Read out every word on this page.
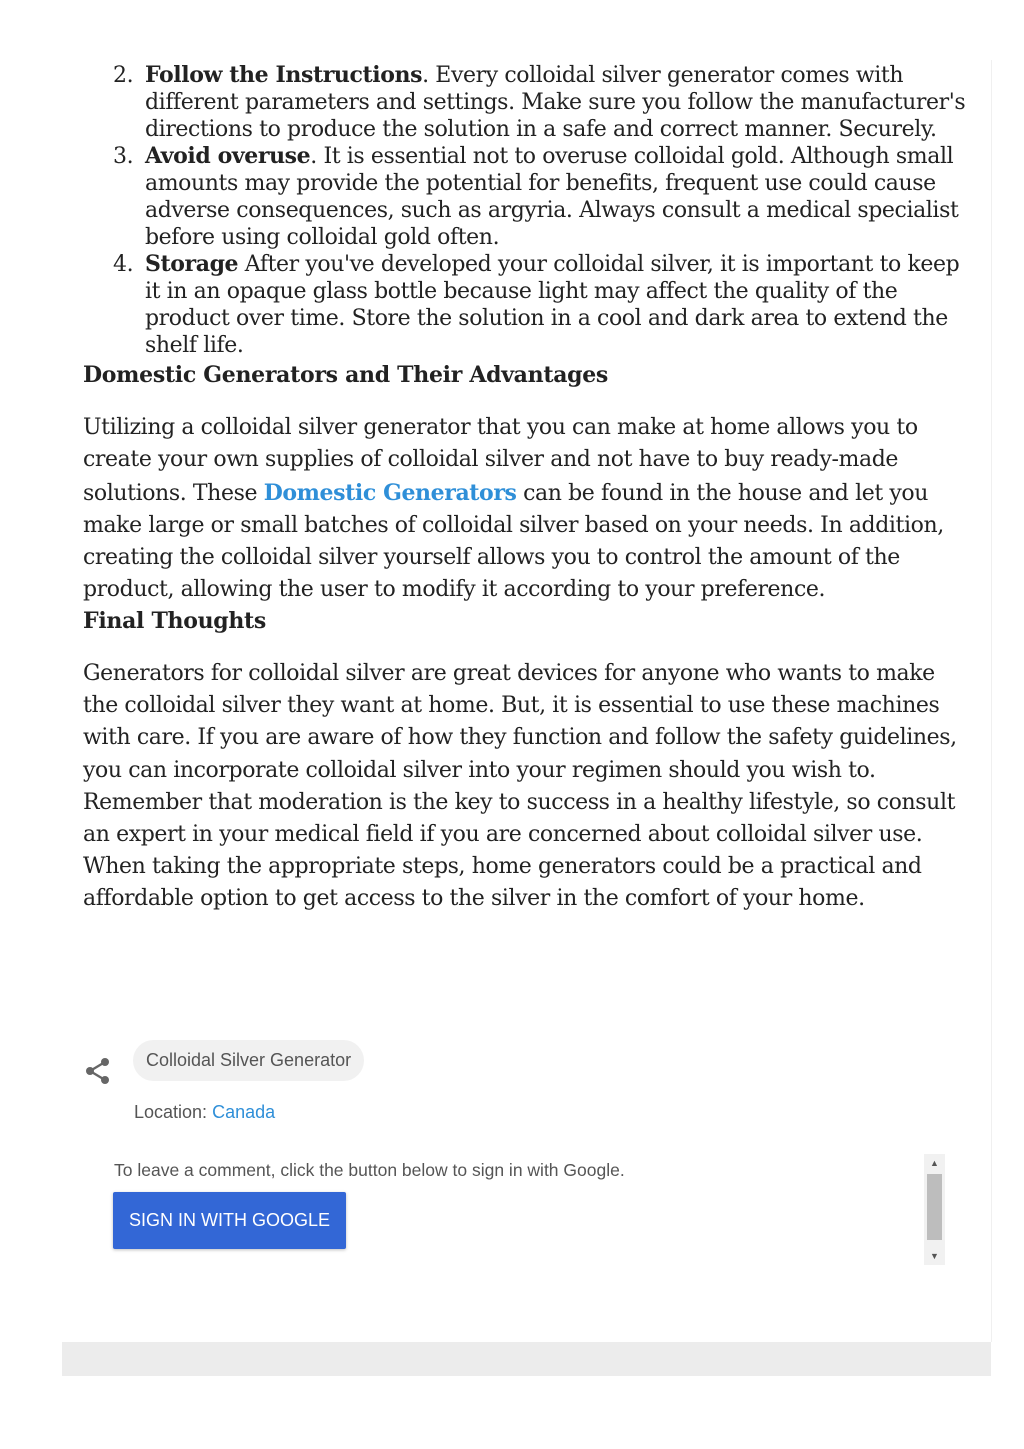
2. Follow the Instructions. Every colloidal silver generator comes with different parameters and settings. Make sure you follow the manufacturer's directions to produce the solution in a safe and correct manner. Securely.
3. Avoid overuse. It is essential not to overuse colloidal gold. Although small amounts may provide the potential for benefits, frequent use could cause adverse consequences, such as argyria. Always consult a medical specialist before using colloidal gold often.
4. Storage After you've developed your colloidal silver, it is important to keep it in an opaque glass bottle because light may affect the quality of the product over time. Store the solution in a cool and dark area to extend the shelf life.
Domestic Generators and Their Advantages

Utilizing a colloidal silver generator that you can make at home allows you to create your own supplies of colloidal silver and not have to buy ready-made solutions. These Domestic Generators can be found in the house and let you make large or small batches of colloidal silver based on your needs. In addition, creating the colloidal silver yourself allows you to control the amount of the product, allowing the user to modify it according to your preference.

Final Thoughts

Generators for colloidal silver are great devices for anyone who wants to make the colloidal silver they want at home. But, it is essential to use these machines with care. If you are aware of how they function and follow the safety guidelines, you can incorporate colloidal silver into your regimen should you wish to. Remember that moderation is the key to success in a healthy lifestyle, so consult an expert in your medical field if you are concerned about colloidal silver use. When taking the appropriate steps, home generators could be a practical and affordable option to get access to the silver in the comfort of your home.

Colloidal Silver Generator
Location: Canada
To leave a comment, click the button below to sign in with Google.
SIGN IN WITH GOOGLE
▲
▼
